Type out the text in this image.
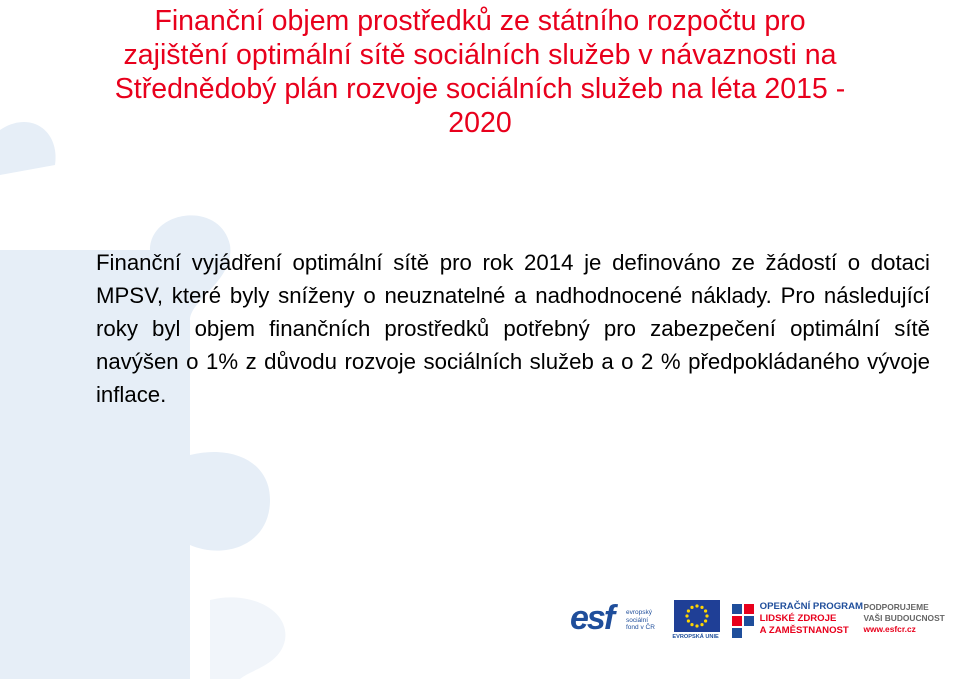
Finanční objem prostředků ze státního rozpočtu pro
zajištění optimální sítě sociálních služeb v návaznosti na
Střednědobý plán rozvoje sociálních služeb na léta 2015 -
2020

Finanční vyjádření optimální sítě pro rok 2014 je definováno ze žádostí o dotaci MPSV, které byly sníženy o neuznatelné a nadhodnocené náklady. Pro následující roky byl objem finančních prostředků potřebný pro zabezpečení optimální sítě navýšen o 1% z důvodu rozvoje sociálních služeb a o 2 % předpokládaného vývoje inflace.

esf evropský
sociální
fond v ČR
EVROPSKÁ UNIE
OPERAČNÍ PROGRAM
LIDSKÉ ZDROJE
A ZAMĚSTNANOST
PODPORUJEME
VAŠI BUDOUCNOST
www.esfcr.cz
